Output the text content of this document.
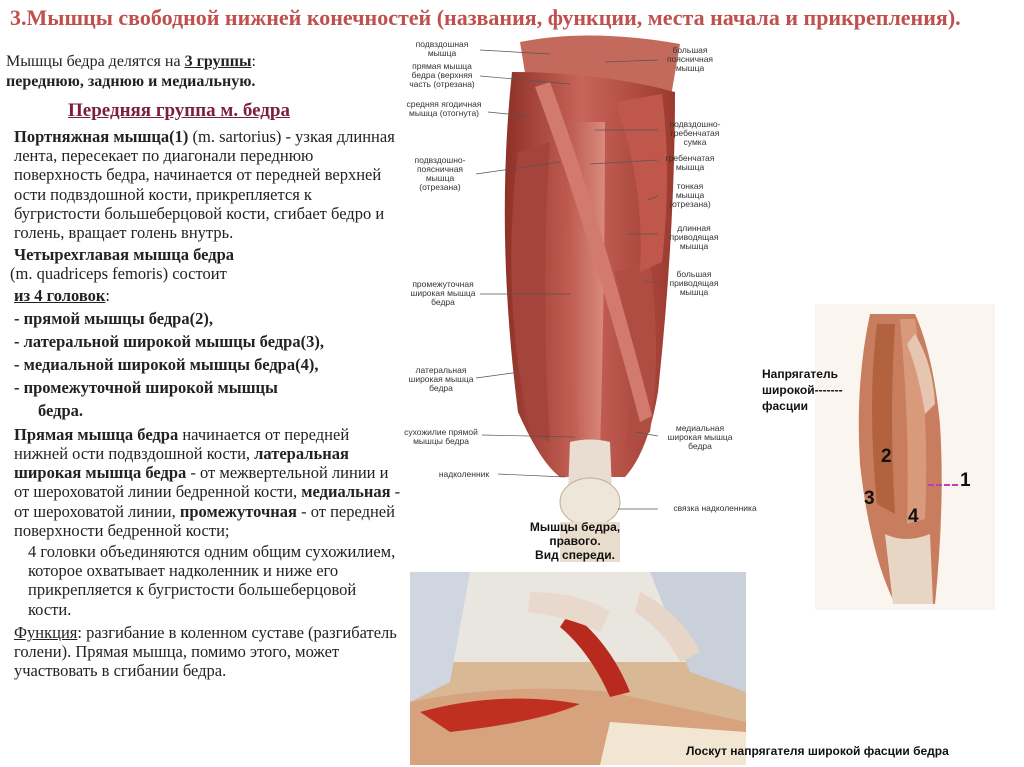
3.Мышцы свободной нижней конечностей (названия, функции, места начала и прикрепления).
Мышцы бедра делятся на 3 группы:
переднюю, заднюю и медиальную.
Передняя группа м. бедра

Портняжная мышца(1) (m. sartorius) - узкая длинная лента, пересекает по диагонали переднюю поверхность бедра, начинается от передней верхней ости подвздошной кости, прикрепляется к бугристости большеберцовой кости, сгибает бедро и голень, вращает голень внутрь.

Четырехглавая мышца бедра

(m. quadriceps femoris) состоит

из 4 головок:

- прямой мышцы бедра(2),

- латеральной широкой мышцы бедра(3),

- медиальной широкой мышцы бедра(4),

- промежуточной широкой мышцы

бедра.

Прямая мышца бедра начинается от передней нижней ости подвздошной кости, латеральная широкая мышца бедра - от межвертельной линии и от шероховатой линии бедренной кости, медиальная - от шероховатой линии, промежуточная - от передней поверхности бедренной кости;

4 головки объединяются одним общим сухожилием, которое охватывает надколенник и ниже его прикрепляется к бугристости большеберцовой кости.

Функция: разгибание в коленном суставе (разгибатель голени). Прямая мышца, помимо этого, может участвовать в сгибании бедра.

подвздошная
мышца
прямая мышца
бедра (верхняя
часть (отрезана)
средняя ягодичная
мышца (отогнута)
подвздошно-
поясничная
мышца
(отрезана)
промежуточная
широкая мышца
бедра
латеральная
широкая мышца
бедра
сухожилие прямой
мышцы бедра
надколенник
большая
поясничная
мышца
подвздошно-
гребенчатая
сумка
гребенчатая
мышца
тонкая
мышца
(отрезана)
длинная
приводящая
мышца
большая
приводящая
мышца
медиальная
широкая мышца
бедра
связка надколенника
Мышцы бедра, правого.
Вид спереди.
Напрягатель
широкой-------
фасции
2
3
4
1
Лоскут напрягателя широкой фасции бедра
